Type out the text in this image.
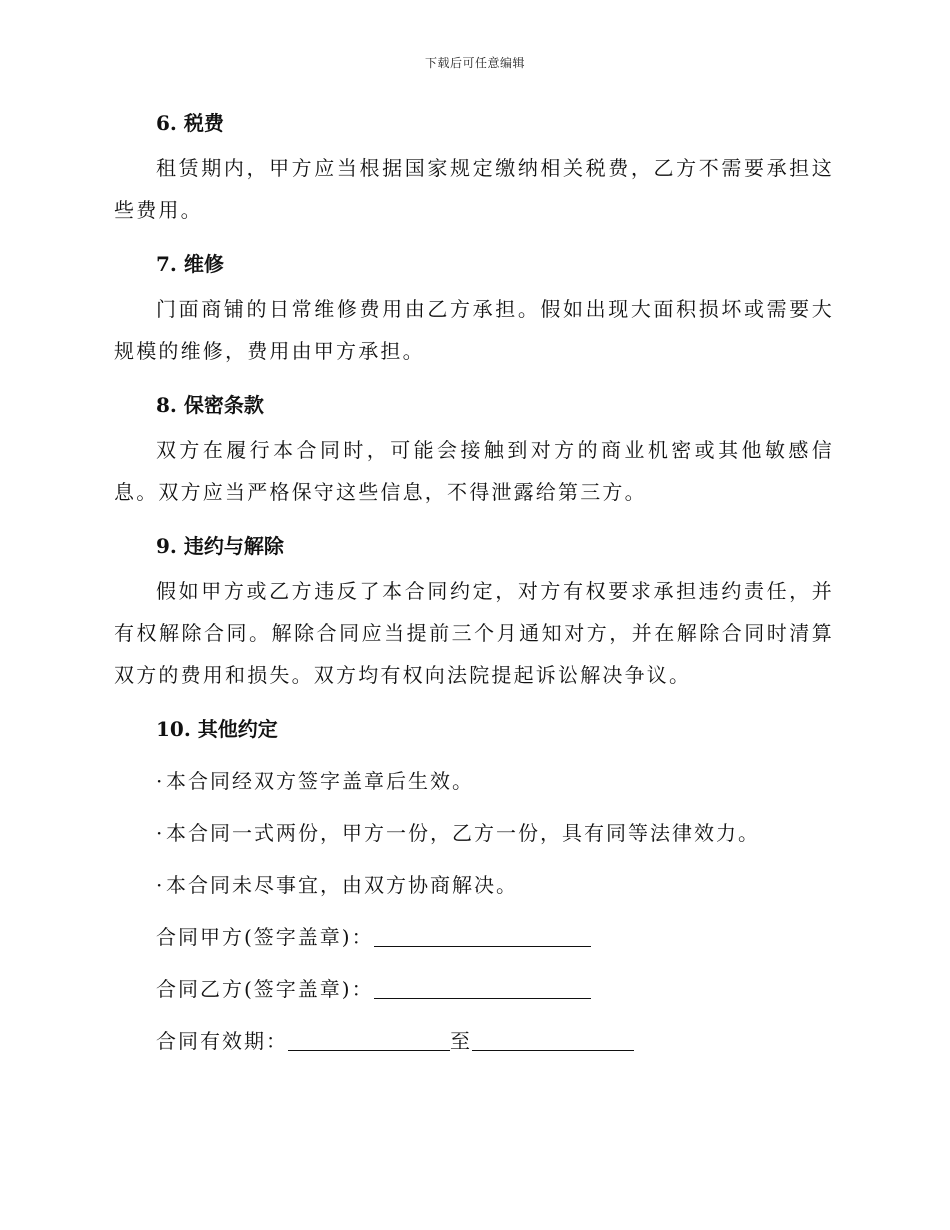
下载后可任意编辑
6. 税费
租赁期内，甲方应当根据国家规定缴纳相关税费，乙方不需要承担这些费用。
7. 维修
门面商铺的日常维修费用由乙方承担。假如出现大面积损坏或需要大规模的维修，费用由甲方承担。
8. 保密条款
双方在履行本合同时，可能会接触到对方的商业机密或其他敏感信息。双方应当严格保守这些信息，不得泄露给第三方。
9. 违约与解除
假如甲方或乙方违反了本合同约定，对方有权要求承担违约责任，并有权解除合同。解除合同应当提前三个月通知对方，并在解除合同时清算双方的费用和损失。双方均有权向法院提起诉讼解决争议。
10. 其他约定
·本合同经双方签字盖章后生效。
·本合同一式两份，甲方一份，乙方一份，具有同等法律效力。
·本合同未尽事宜，由双方协商解决。
合同甲方(签字盖章)：
合同乙方(签字盖章)：
合同有效期：	至
